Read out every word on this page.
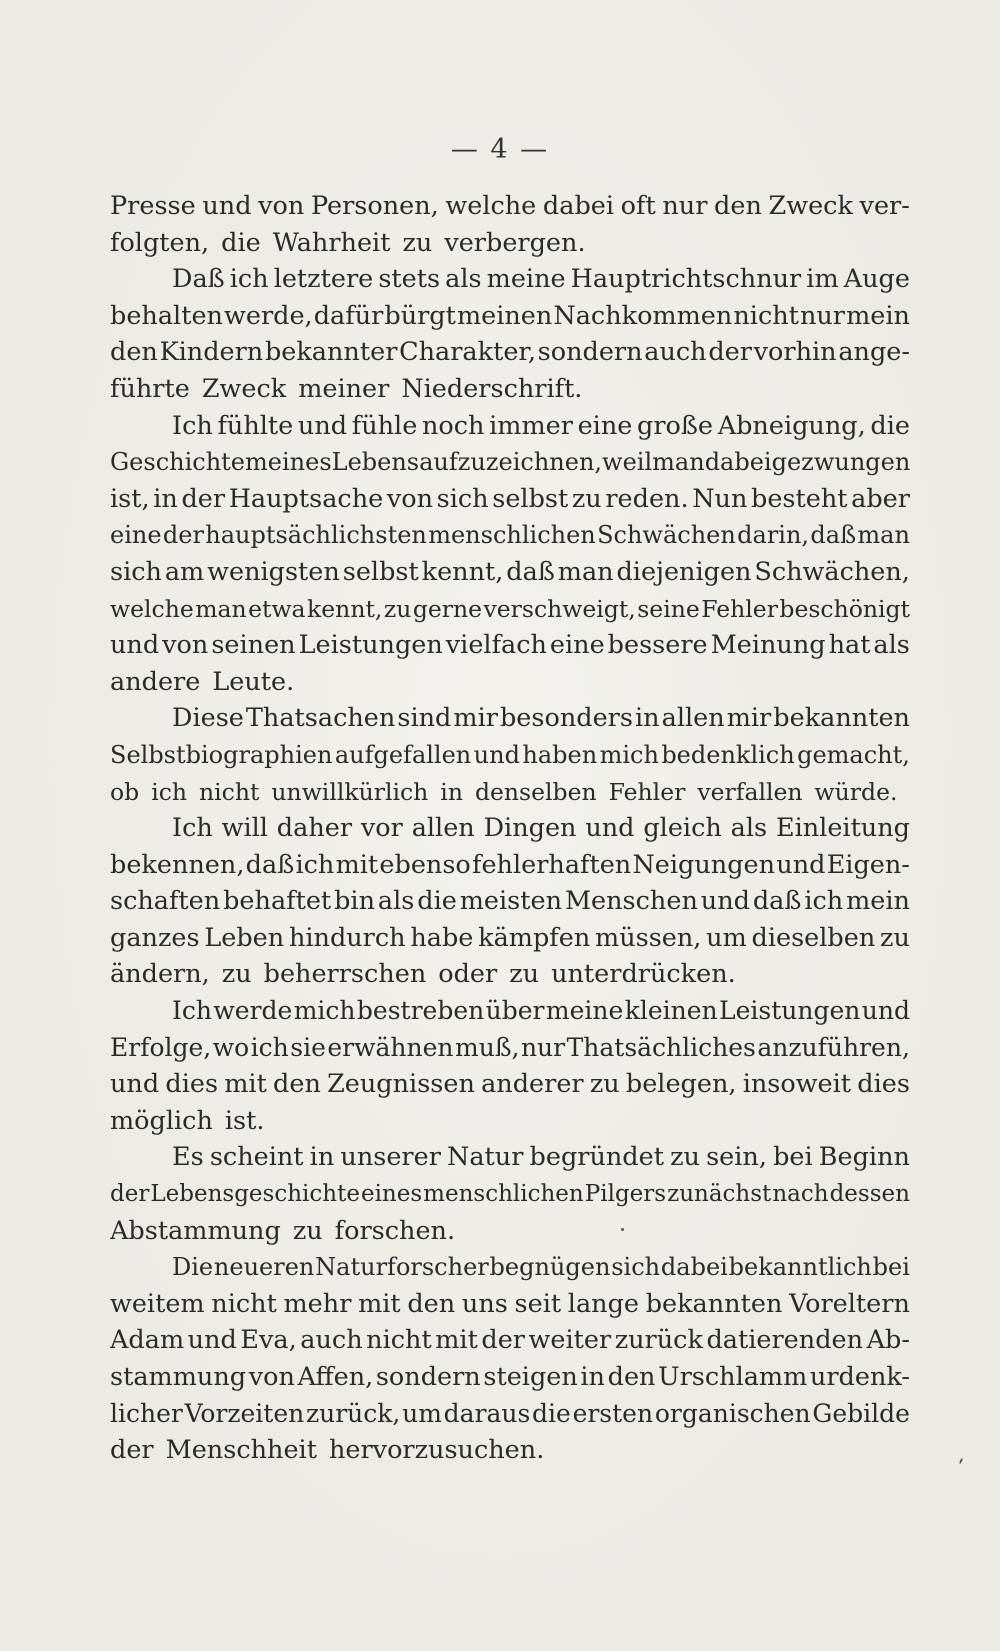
— 4 —
Presse und von Personen, welche dabei oft nur den Zweck ver-
folgten, die Wahrheit zu verbergen.
Daß ich letztere stets als meine Hauptrichtschnur im Auge
behalten werde, dafür bürgt meinen Nachkommen nicht nur mein
den Kindern bekannter Charakter, sondern auch der vorhin ange-
führte Zweck meiner Niederschrift.
Ich fühlte und fühle noch immer eine große Abneigung, die
Geschichte meines Lebens aufzuzeichnen, weil man dabei gezwungen
ist, in der Hauptsache von sich selbst zu reden. Nun besteht aber
eine der hauptsächlichsten menschlichen Schwächen darin, daß man
sich am wenigsten selbst kennt, daß man diejenigen Schwächen,
welche man etwa kennt, zu gerne verschweigt, seine Fehler beschönigt
und von seinen Leistungen vielfach eine bessere Meinung hat als
andere Leute.
Diese Thatsachen sind mir besonders in allen mir bekannten
Selbstbiographien aufgefallen und haben mich bedenklich gemacht,
ob ich nicht unwillkürlich in denselben Fehler verfallen würde.
Ich will daher vor allen Dingen und gleich als Einleitung
bekennen, daß ich mit ebenso fehlerhaften Neigungen und Eigen-
schaften behaftet bin als die meisten Menschen und daß ich mein
ganzes Leben hindurch habe kämpfen müssen, um dieselben zu
ändern, zu beherrschen oder zu unterdrücken.
Ich werde mich bestreben über meine kleinen Leistungen und
Erfolge, wo ich sie erwähnen muß, nur Thatsächliches anzuführen,
und dies mit den Zeugnissen anderer zu belegen, insoweit dies
möglich ist.
Es scheint in unserer Natur begründet zu sein, bei Beginn
der Lebensgeschichte eines menschlichen Pilgers zunächst nach dessen
Abstammung zu forschen.
Die neueren Naturforscher begnügen sich dabei bekanntlich bei
weitem nicht mehr mit den uns seit lange bekannten Voreltern
Adam und Eva, auch nicht mit der weiter zurück datierenden Ab-
stammung von Affen, sondern steigen in den Urschlamm urdenk-
licher Vorzeiten zurück, um daraus die ersten organischen Gebilde
der Menschheit hervorzusuchen.
